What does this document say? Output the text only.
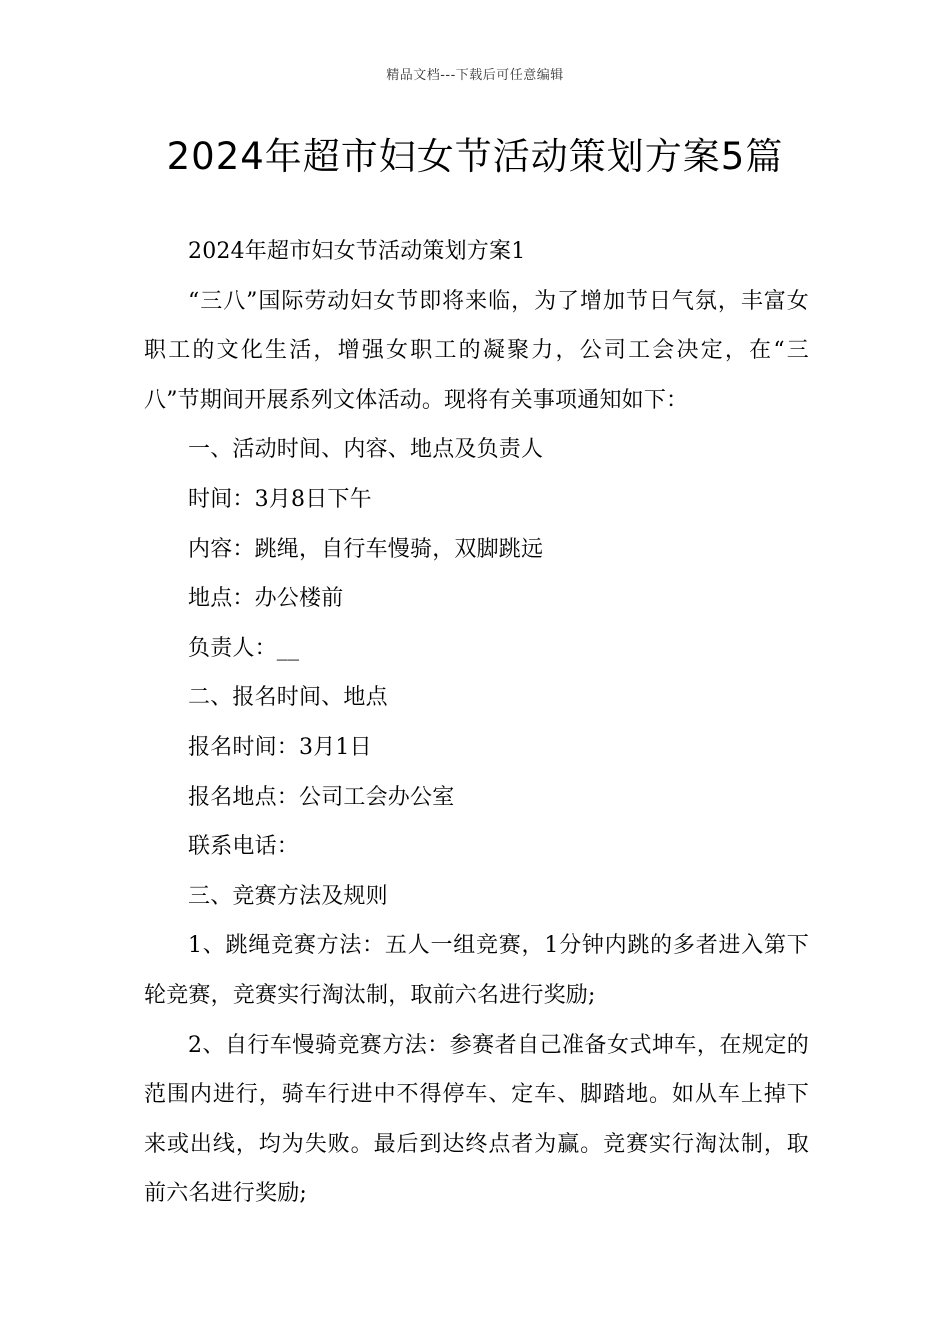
精品文档---下载后可任意编辑
2024年超市妇女节活动策划方案5篇

2024年超市妇女节活动策划方案1

“三八”国际劳动妇女节即将来临，为了增加节日气氛，丰富女职工的文化生活，增强女职工的凝聚力，公司工会决定，在“三八”节期间开展系列文体活动。现将有关事项通知如下：

一、活动时间、内容、地点及负责人

时间：3月8日下午

内容：跳绳，自行车慢骑，双脚跳远

地点：办公楼前

负责人：__

二、报名时间、地点

报名时间：3月1日

报名地点：公司工会办公室

联系电话：

三、竞赛方法及规则

1、跳绳竞赛方法：五人一组竞赛，1分钟内跳的多者进入第下轮竞赛，竞赛实行淘汰制，取前六名进行奖励;

2、自行车慢骑竞赛方法：参赛者自己准备女式坤车，在规定的范围内进行，骑车行进中不得停车、定车、脚踏地。如从车上掉下来或出线，均为失败。最后到达终点者为赢。竞赛实行淘汰制，取前六名进行奖励;
